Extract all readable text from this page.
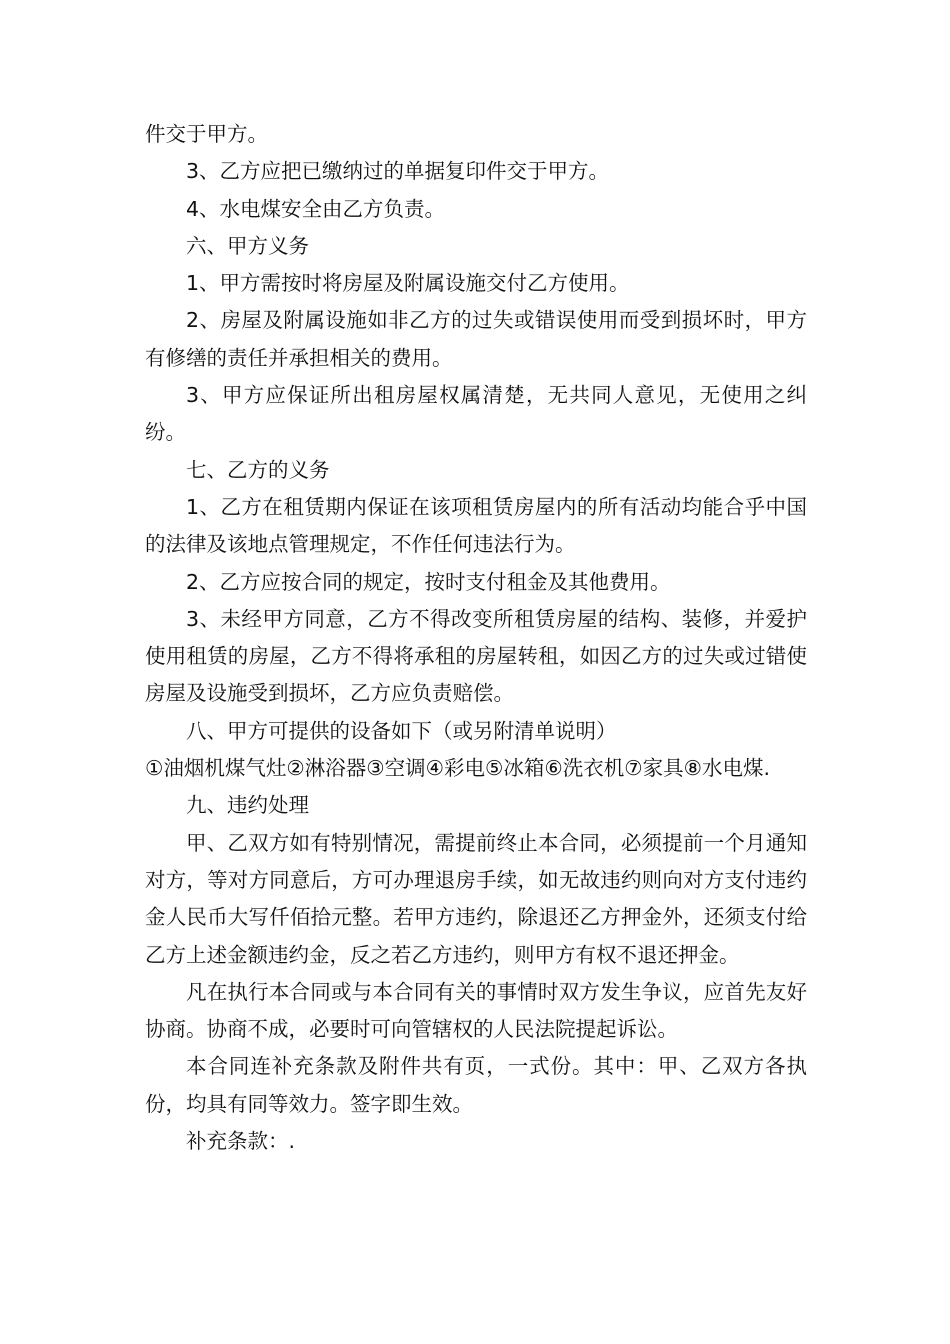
件交于甲方。

3、乙方应把已缴纳过的单据复印件交于甲方。

4、水电煤安全由乙方负责。

六、甲方义务

1、甲方需按时将房屋及附属设施交付乙方使用。

2、房屋及附属设施如非乙方的过失或错误使用而受到损坏时，甲方有修缮的责任并承担相关的费用。

3、甲方应保证所出租房屋权属清楚，无共同人意见，无使用之纠纷。

七、乙方的义务

1、乙方在租赁期内保证在该项租赁房屋内的所有活动均能合乎中国的法律及该地点管理规定，不作任何违法行为。

2、乙方应按合同的规定，按时支付租金及其他费用。

3、未经甲方同意，乙方不得改变所租赁房屋的结构、装修，并爱护使用租赁的房屋，乙方不得将承租的房屋转租，如因乙方的过失或过错使房屋及设施受到损坏，乙方应负责赔偿。

八、甲方可提供的设备如下（或另附清单说明）

①油烟机煤气灶②淋浴器③空调④彩电⑤冰箱⑥洗衣机⑦家具⑧水电煤.

九、违约处理

甲、乙双方如有特别情况，需提前终止本合同，必须提前一个月通知对方，等对方同意后，方可办理退房手续，如无故违约则向对方支付违约金人民币大写仟佰拾元整。若甲方违约，除退还乙方押金外，还须支付给乙方上述金额违约金，反之若乙方违约，则甲方有权不退还押金。

凡在执行本合同或与本合同有关的事情时双方发生争议，应首先友好协商。协商不成，必要时可向管辖权的人民法院提起诉讼。

本合同连补充条款及附件共有页，一式份。其中：甲、乙双方各执份，均具有同等效力。签字即生效。

补充条款：.
